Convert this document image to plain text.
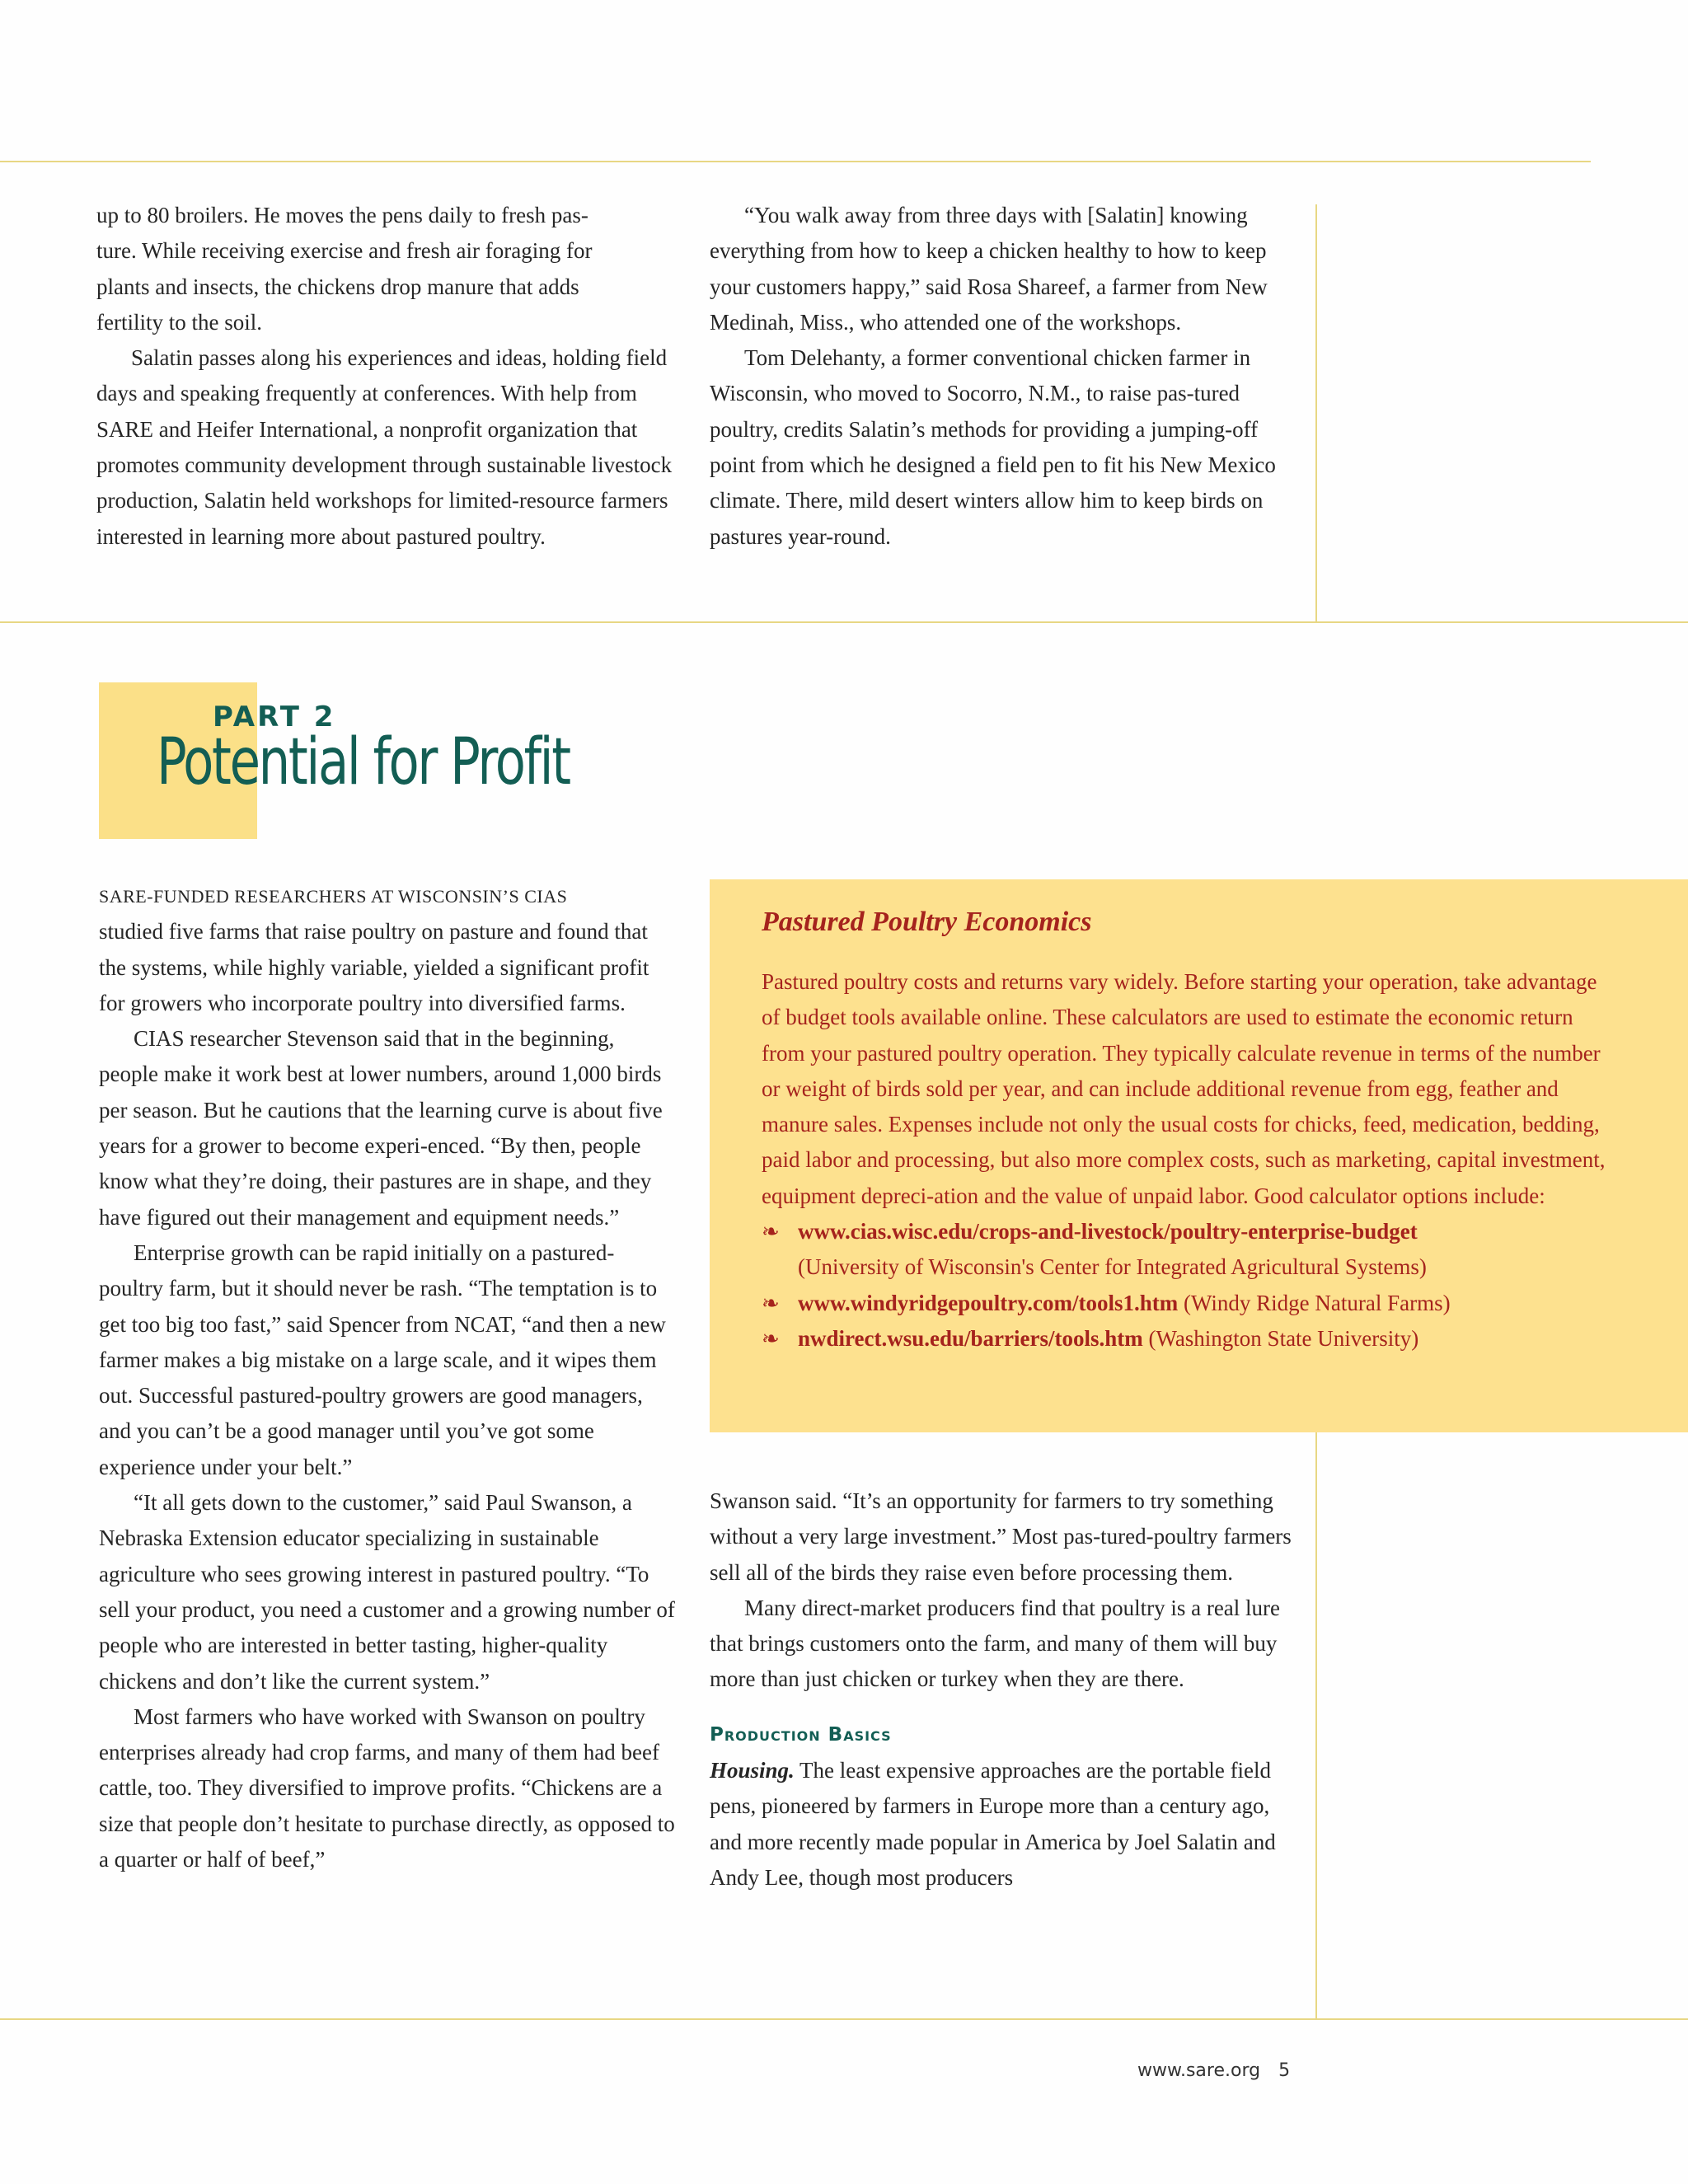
up to 80 broilers. He moves the pens daily to fresh pas-
ture. While receiving exercise and fresh air foraging for
plants and insects, the chickens drop manure that adds
fertility to the soil.

Salatin passes along his experiences and ideas, holding field days and speaking frequently at conferences. With help from SARE and Heifer International, a nonprofit organization that promotes community development through sustainable livestock production, Salatin held workshops for limited-resource farmers interested in learning more about pastured poultry.

“You walk away from three days with [Salatin] knowing everything from how to keep a chicken healthy to how to keep your customers happy,” said Rosa Shareef, a farmer from New Medinah, Miss., who attended one of the workshops.

Tom Delehanty, a former conventional chicken farmer in Wisconsin, who moved to Socorro, N.M., to raise pas-tured poultry, credits Salatin’s methods for providing a jumping-off point from which he designed a field pen to fit his New Mexico climate. There, mild desert winters allow him to keep birds on pastures year-round.

PART 2
Potential for Profit

SARE-FUNDED RESEARCHERS AT WISCONSIN’S CIAS

studied five farms that raise poultry on pasture and found that the systems, while highly variable, yielded a significant profit for growers who incorporate poultry into diversified farms.

CIAS researcher Stevenson said that in the beginning, people make it work best at lower numbers, around 1,000 birds per season. But he cautions that the learning curve is about five years for a grower to become experi-enced. “By then, people know what they’re doing, their pastures are in shape, and they have figured out their management and equipment needs.”

Enterprise growth can be rapid initially on a pastured-poultry farm, but it should never be rash. “The temptation is to get too big too fast,” said Spencer from NCAT, “and then a new farmer makes a big mistake on a large scale, and it wipes them out. Successful pastured-poultry growers are good managers, and you can’t be a good manager until you’ve got some experience under your belt.”

“It all gets down to the customer,” said Paul Swanson, a Nebraska Extension educator specializing in sustainable agriculture who sees growing interest in pastured poultry. “To sell your product, you need a customer and a growing number of people who are interested in better tasting, higher-quality chickens and don’t like the current system.”

Most farmers who have worked with Swanson on poultry enterprises already had crop farms, and many of them had beef cattle, too. They diversified to improve profits. “Chickens are a size that people don’t hesitate to purchase directly, as opposed to a quarter or half of beef,”

Pastured Poultry Economics

Pastured poultry costs and returns vary widely. Before starting your operation, take advantage of budget tools available online. These calculators are used to estimate the economic return from your pastured poultry operation. They typically calculate revenue in terms of the number or weight of birds sold per year, and can include additional revenue from egg, feather and manure sales. Expenses include not only the usual costs for chicks, feed, medication, bedding, paid labor and processing, but also more complex costs, such as marketing, capital investment, equipment depreci-ation and the value of unpaid labor. Good calculator options include:

❧ www.cias.wisc.edu/crops-and-livestock/poultry-enterprise-budget
(University of Wisconsin's Center for Integrated Agricultural Systems)
❧ www.windyridgepoultry.com/tools1.htm (Windy Ridge Natural Farms)
❧ nwdirect.wsu.edu/barriers/tools.htm (Washington State University)

Swanson said. “It’s an opportunity for farmers to try something without a very large investment.” Most pas-tured-poultry farmers sell all of the birds they raise even before processing them.

Many direct-market producers find that poultry is a real lure that brings customers onto the farm, and many of them will buy more than just chicken or turkey when they are there.

Production Basics

Housing. The least expensive approaches are the portable field pens, pioneered by farmers in Europe more than a century ago, and more recently made popular in America by Joel Salatin and Andy Lee, though most producers

www.sare.org 5
